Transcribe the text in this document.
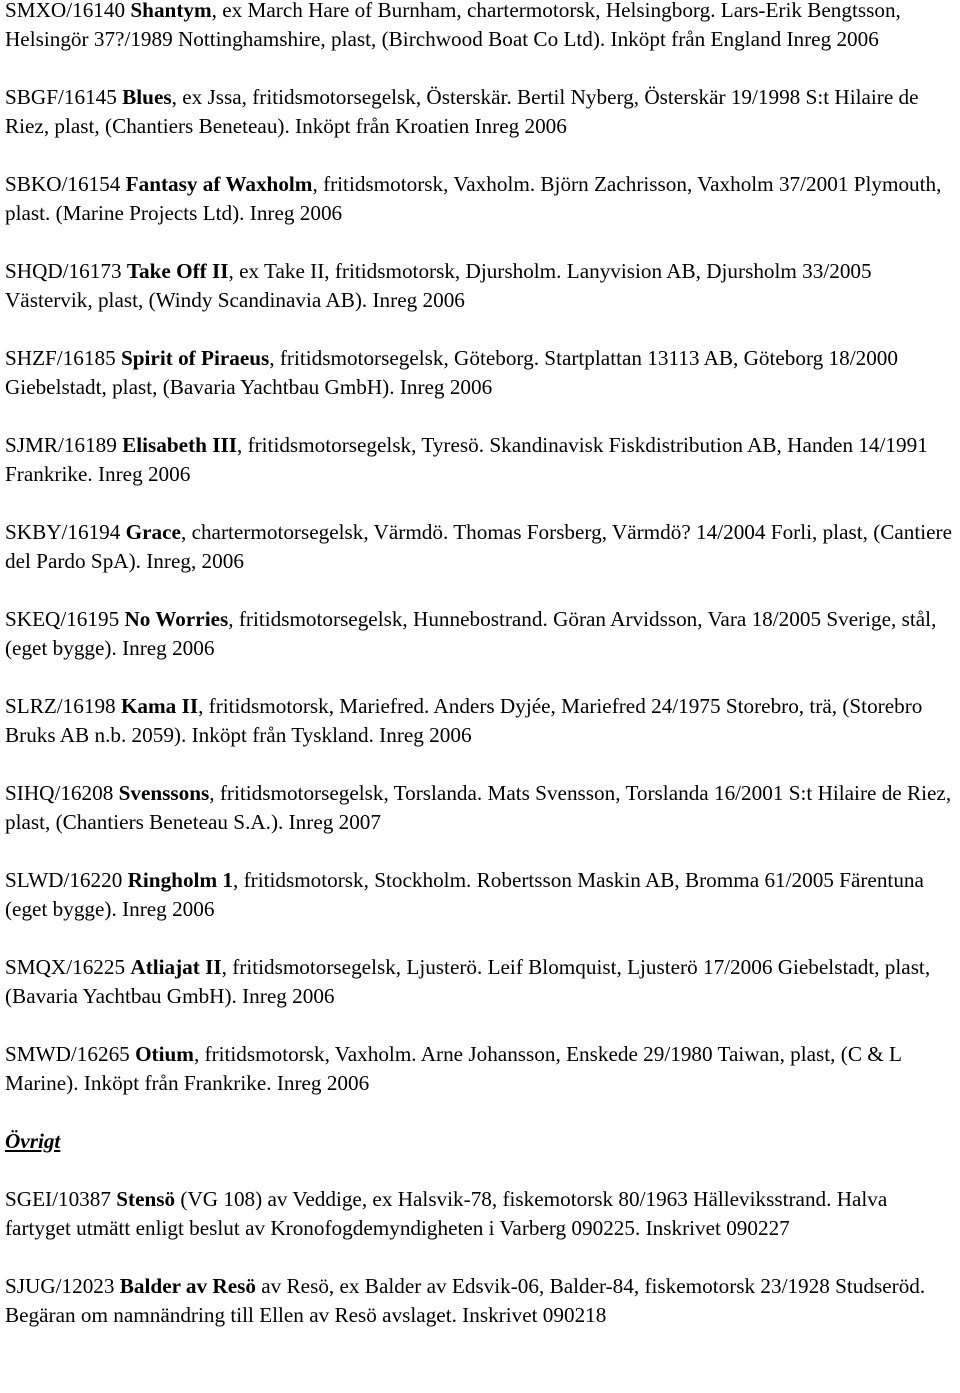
SMXO/16140 Shantym, ex March Hare of Burnham, chartermotorsk, Helsingborg. Lars-Erik Bengtsson, Helsingör 37?/1989 Nottinghamshire, plast, (Birchwood Boat Co Ltd). Inköpt från England Inreg 2006

SBGF/16145 Blues, ex Jssa, fritidsmotorsegelsk, Österskär. Bertil Nyberg, Österskär 19/1998 S:t Hilaire de Riez, plast, (Chantiers Beneteau). Inköpt från Kroatien Inreg 2006

SBKO/16154 Fantasy af Waxholm, fritidsmotorsk, Vaxholm. Björn Zachrisson, Vaxholm 37/2001 Plymouth, plast. (Marine Projects Ltd). Inreg 2006

SHQD/16173 Take Off II, ex Take II, fritidsmotorsk, Djursholm. Lanyvision AB, Djursholm 33/2005 Västervik, plast, (Windy Scandinavia AB). Inreg 2006

SHZF/16185 Spirit of Piraeus, fritidsmotorsegelsk, Göteborg. Startplattan 13113 AB, Göteborg 18/2000 Giebelstadt, plast, (Bavaria Yachtbau GmbH). Inreg 2006

SJMR/16189 Elisabeth III, fritidsmotorsegelsk, Tyresö. Skandinavisk Fiskdistribution AB, Handen 14/1991 Frankrike. Inreg 2006

SKBY/16194 Grace, chartermotorsegelsk, Värmdö. Thomas Forsberg, Värmdö? 14/2004 Forli, plast, (Cantiere del Pardo SpA). Inreg, 2006

SKEQ/16195 No Worries, fritidsmotorsegelsk, Hunnebostrand. Göran Arvidsson, Vara 18/2005 Sverige, stål, (eget bygge). Inreg 2006

SLRZ/16198 Kama II, fritidsmotorsk, Mariefred. Anders Dyjée, Mariefred 24/1975 Storebro, trä, (Storebro Bruks AB n.b. 2059). Inköpt från Tyskland. Inreg 2006

SIHQ/16208 Svenssons, fritidsmotorsegelsk, Torslanda. Mats Svensson, Torslanda 16/2001 S:t Hilaire de Riez, plast, (Chantiers Beneteau S.A.). Inreg 2007

SLWD/16220 Ringholm 1, fritidsmotorsk, Stockholm. Robertsson Maskin AB, Bromma 61/2005 Färentuna (eget bygge). Inreg 2006

SMQX/16225 Atliajat II, fritidsmotorsegelsk, Ljusterö. Leif Blomquist, Ljusterö 17/2006 Giebelstadt, plast, (Bavaria Yachtbau GmbH). Inreg 2006

SMWD/16265 Otium, fritidsmotorsk, Vaxholm. Arne Johansson, Enskede 29/1980 Taiwan, plast, (C & L Marine). Inköpt från Frankrike. Inreg 2006

Övrigt

SGEI/10387 Stensö (VG 108) av Veddige, ex Halsvik-78, fiskemotorsk 80/1963 Hälleviksstrand. Halva fartyget utmätt enligt beslut av Kronofogdemyndigheten i Varberg 090225. Inskrivet 090227

SJUG/12023 Balder av Resö av Resö, ex Balder av Edsvik-06, Balder-84, fiskemotorsk 23/1928 Studseröd. Begäran om namnändring till Ellen av Resö avslaget. Inskrivet 090218
